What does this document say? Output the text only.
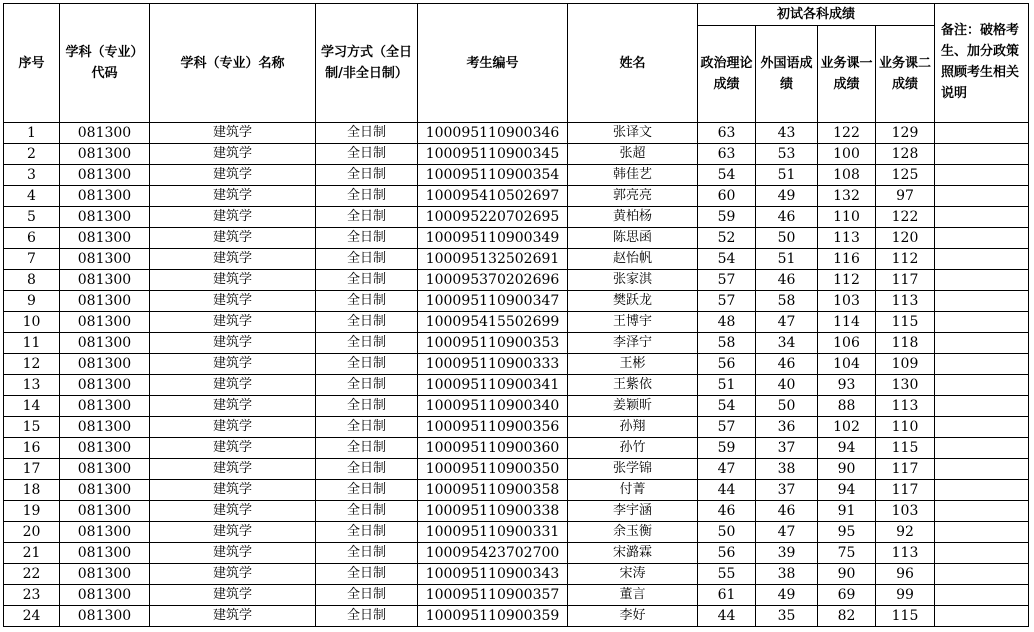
序号	学科（专业）代码	学科（专业）名称	学习方式（全日制/非全日制）	考生编号	姓名	初试各科成绩				备注：破格考生、加分政策照顾考生相关说明
						政治理论成绩	外国语成绩	业务课一成绩	业务课二成绩	
1	081300	建筑学	全日制	100095110900346	张译文	63	43	122	129	
2	081300	建筑学	全日制	100095110900345	张超	63	53	100	128	
3	081300	建筑学	全日制	100095110900354	韩佳艺	54	51	108	125	
4	081300	建筑学	全日制	100095410502697	郭亮亮	60	49	132	97	
5	081300	建筑学	全日制	100095220702695	黄柏杨	59	46	110	122	
6	081300	建筑学	全日制	100095110900349	陈思函	52	50	113	120	
7	081300	建筑学	全日制	100095132502691	赵怡帆	54	51	116	112	
8	081300	建筑学	全日制	100095370202696	张家淇	57	46	112	117	
9	081300	建筑学	全日制	100095110900347	樊跃龙	57	58	103	113	
10	081300	建筑学	全日制	100095415502699	王博宇	48	47	114	115	
11	081300	建筑学	全日制	100095110900353	李泽宁	58	34	106	118	
12	081300	建筑学	全日制	100095110900333	王彬	56	46	104	109	
13	081300	建筑学	全日制	100095110900341	王紫依	51	40	93	130	
14	081300	建筑学	全日制	100095110900340	姜颖昕	54	50	88	113	
15	081300	建筑学	全日制	100095110900356	孙翔	57	36	102	110	
16	081300	建筑学	全日制	100095110900360	孙竹	59	37	94	115	
17	081300	建筑学	全日制	100095110900350	张学锦	47	38	90	117	
18	081300	建筑学	全日制	100095110900358	付菁	44	37	94	117	
19	081300	建筑学	全日制	100095110900338	李宇涵	46	46	91	103	
20	081300	建筑学	全日制	100095110900331	余玉衡	50	47	95	92	
21	081300	建筑学	全日制	100095423702700	宋潞霖	56	39	75	113	
22	081300	建筑学	全日制	100095110900343	宋涛	55	38	90	96	
23	081300	建筑学	全日制	100095110900357	董言	61	49	69	99	
24	081300	建筑学	全日制	100095110900359	李好	44	35	82	115	
